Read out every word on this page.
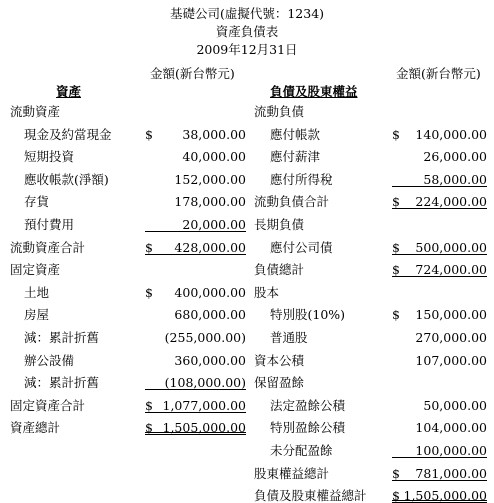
基礎公司(虛擬代號：1234)
資產負債表
2009年12月31日
金額(新台幣元)	金額(新台幣元)
資產	負債及股東權益
流動資產
現金及約當現金	$	38,000.00
短期投資	40,000.00
應收帳款(淨額)	152,000.00
存貨	178,000.00
預付費用	20,000.00
流動資產合計	$	428,000.00
固定資產
土地	$	400,000.00
房屋	680,000.00
減：累計折舊	(255,000.00)
辦公設備	360,000.00
減：累計折舊	(108,000.00)
固定資產合計	$ 1,077,000.00
資產總計	$ 1,505,000.00
流動負債
應付帳款	$	140,000.00
應付薪津	26,000.00
應付所得稅	58,000.00
流動負債合計	$	224,000.00
長期負債
應付公司債	$	500,000.00
負債總計	$	724,000.00
股本
特別股(10%)	$	150,000.00
普通股	270,000.00
資本公積	107,000.00
保留盈餘
法定盈餘公積	50,000.00
特別盈餘公積	104,000.00
未分配盈餘	100,000.00
股東權益總計	$	781,000.00
負債及股東權益總計 $ 1,505,000.00
